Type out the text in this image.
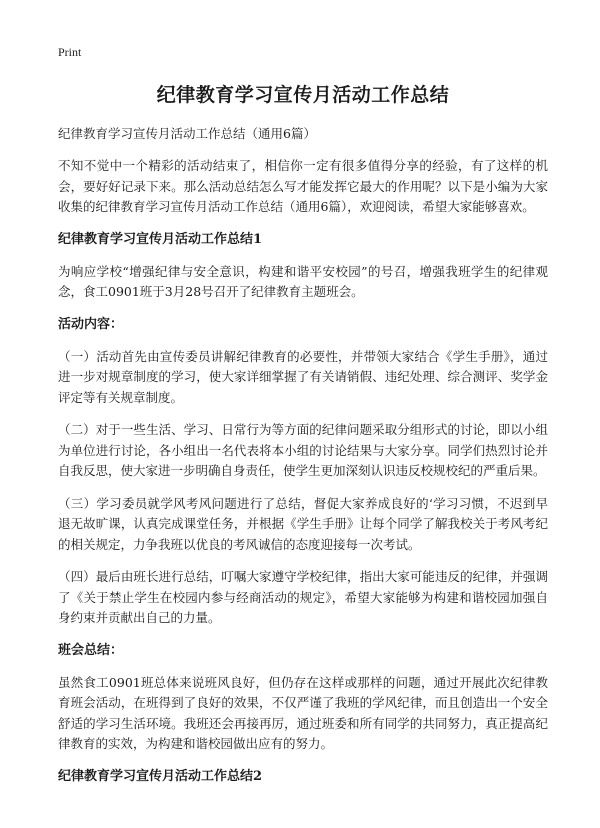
Print
纪律教育学习宣传月活动工作总结
纪律教育学习宣传月活动工作总结（通用6篇）

不知不觉中一个精彩的活动结束了，相信你一定有很多值得分享的经验，有了这样的机会，要好好记录下来。那么活动总结怎么写才能发挥它最大的作用呢？以下是小编为大家收集的纪律教育学习宣传月活动工作总结（通用6篇），欢迎阅读，希望大家能够喜欢。

纪律教育学习宣传月活动工作总结1

为响应学校“增强纪律与安全意识，构建和谐平安校园”的号召，增强我班学生的纪律观念，食工0901班于3月28号召开了纪律教育主题班会。

活动内容：

（一）活动首先由宣传委员讲解纪律教育的必要性，并带领大家结合《学生手册》，通过进一步对规章制度的学习，使大家详细掌握了有关请销假、违纪处理、综合测评、奖学金评定等有关规章制度。

（二）对于一些生活、学习、日常行为等方面的纪律问题采取分组形式的讨论，即以小组为单位进行讨论，各小组出一名代表将本小组的讨论结果与大家分享。同学们热烈讨论并自我反思，使大家进一步明确自身责任，使学生更加深刻认识违反校规校纪的严重后果。

（三）学习委员就学风考风问题进行了总结，督促大家养成良好的‘学习习惯，不迟到早退无故旷课，认真完成课堂任务，并根据《学生手册》让每个同学了解我校关于考风考纪的相关规定，力争我班以优良的考风诚信的态度迎接每一次考试。

（四）最后由班长进行总结，叮嘱大家遵守学校纪律，指出大家可能违反的纪律，并强调了《关于禁止学生在校园内参与经商活动的规定》，希望大家能够为构建和谐校园加强自身约束并贡献出自己的力量。

班会总结：

虽然食工0901班总体来说班风良好，但仍存在这样或那样的问题，通过开展此次纪律教育班会活动，在班得到了良好的效果，不仅严谨了我班的学风纪律，而且创造出一个安全舒适的学习生活环境。我班还会再接再厉，通过班委和所有同学的共同努力，真正提高纪律教育的实效，为构建和谐校园做出应有的努力。

纪律教育学习宣传月活动工作总结2
